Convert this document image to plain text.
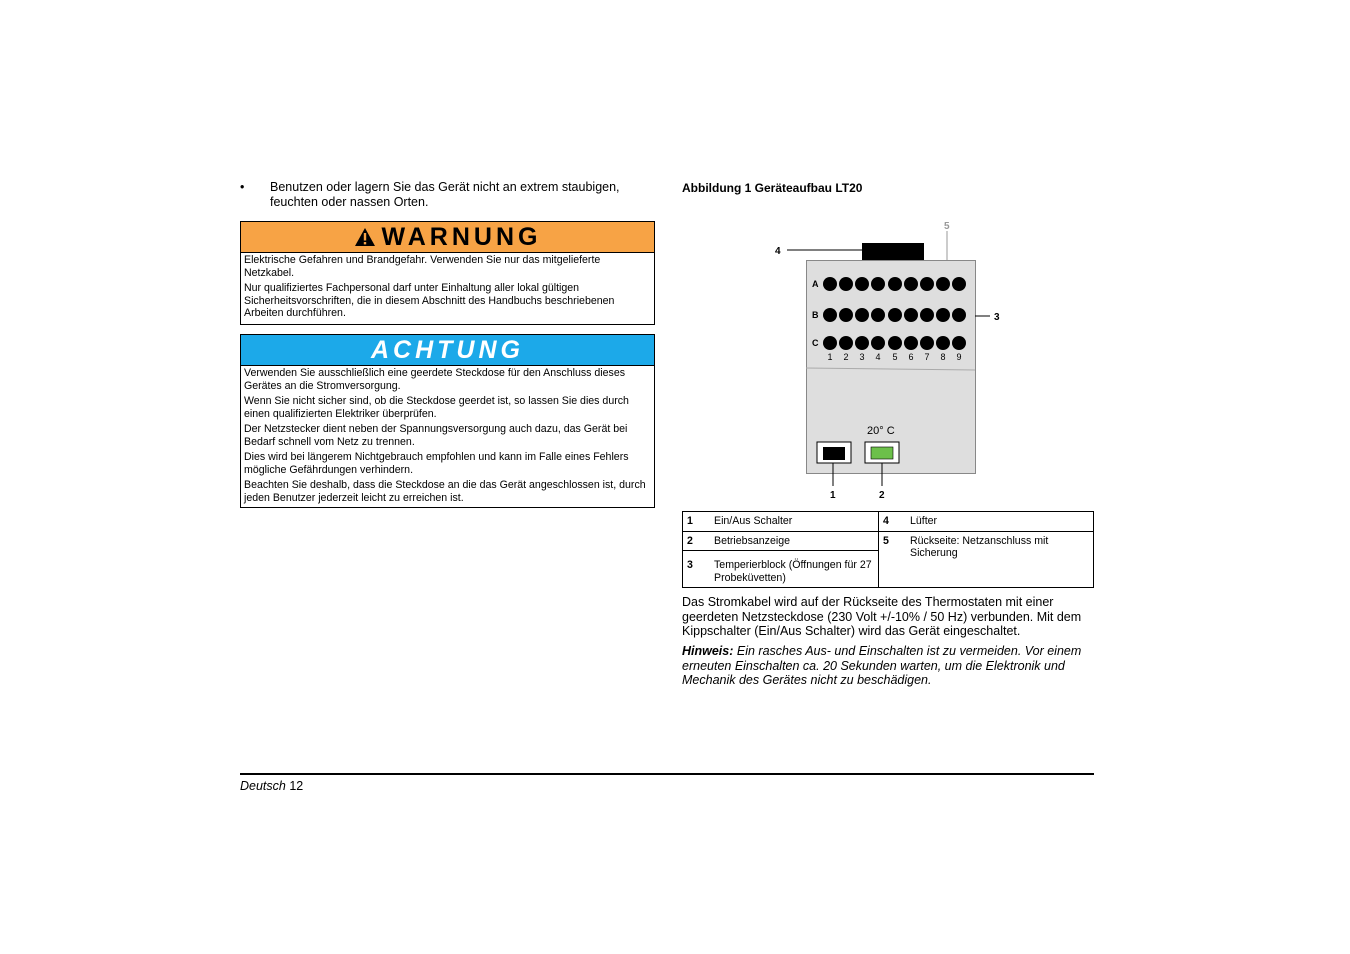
• Benutzen oder lagern Sie das Gerät nicht an extrem staubigen, feuchten oder nassen Orten.
WARNUNG

Elektrische Gefahren und Brandgefahr. Verwenden Sie nur das mitgelieferte Netzkabel.

Nur qualifiziertes Fachpersonal darf unter Einhaltung aller lokal gültigen Sicherheitsvorschriften, die in diesem Abschnitt des Handbuchs beschriebenen Arbeiten durchführen.

ACHTUNG

Verwenden Sie ausschließlich eine geerdete Steckdose für den Anschluss dieses Gerätes an die Stromversorgung.

Wenn Sie nicht sicher sind, ob die Steckdose geerdet ist, so lassen Sie dies durch einen qualifizierten Elektriker überprüfen.

Der Netzstecker dient neben der Spannungsversorgung auch dazu, das Gerät bei Bedarf schnell vom Netz zu trennen.

Dies wird bei längerem Nichtgebrauch empfohlen und kann im Falle eines Fehlers mögliche Gefährdungen verhindern.

Beachten Sie deshalb, dass die Steckdose an die das Gerät angeschlossen ist, durch jeden Benutzer jederzeit leicht zu erreichen ist.

Abbildung 1 Geräteaufbau LT20
A
B
C
1 2 3 4 5 6 7 8 9
20° C
1	2
3
4
5
1	Ein/Aus Schalter	4	Lüfter
2	Betriebsanzeige	5	Rückseite: Netzanschluss mit Sicherung
3	Temperierblock (Öffnungen für 27 Probeküvetten)		
Das Stromkabel wird auf der Rückseite des Thermostaten mit einer geerdeten Netzsteckdose (230 Volt +/-10% / 50 Hz) verbunden. Mit dem Kippschalter (Ein/Aus Schalter) wird das Gerät eingeschaltet.
Hinweis: Ein rasches Aus- und Einschalten ist zu vermeiden. Vor einem erneuten Einschalten ca. 20 Sekunden warten, um die Elektronik und Mechanik des Gerätes nicht zu beschädigen.
Deutsch 12
